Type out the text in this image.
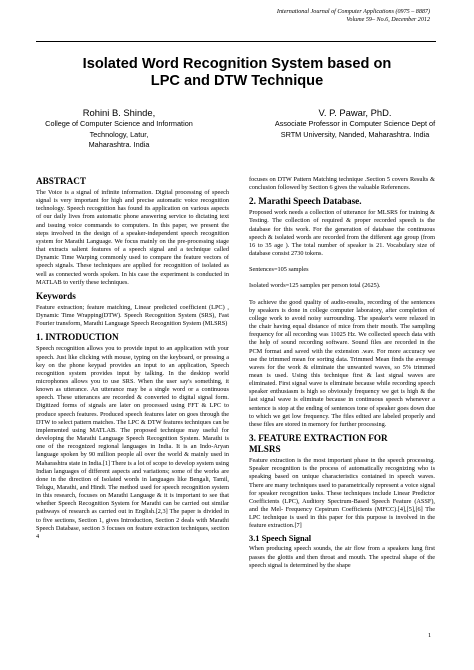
International Journal of Computer Applications (0975 – 8887)
Volume 59– No.6, December 2012
Isolated Word Recognition System based on
LPC and DTW Technique
Rohini B. Shinde,
College of Computer Science and Information
Technology, Latur,
Maharashtra. India
V. P. Pawar, PhD.
Associate Professor in Computer Science Dept of
SRTM University, Nanded, Maharashtra. India
ABSTRACT

The Voice is a signal of infinite information. Digital processing of speech signal is very important for high and precise automatic voice recognition technology. Speech recognition has found its application on various aspects of our daily lives from automatic phone answering service to dictating text and issuing voice commands to computers. In this paper, we present the steps involved in the design of a speaker-independent speech recognition system for Marathi Language. We focus mainly on the pre-processing stage that extracts salient features of a speech signal and a technique called Dynamic Time Warping commonly used to compare the feature vectors of speech signals. These techniques are applied for recognition of isolated as well as connected words spoken. In his case the experiment is conducted in MATLAB to verify these techniques.

Keywords

Feature extraction; feature matching, Linear predicted coefficient (LPC) , Dynamic Time Wrapping(DTW). Speech Recognition System (SRS), Fast Fourier transform, Marathi Language Speech Recognition System (MLSRS)

1. INTRODUCTION

Speech recognition allows you to provide input to an application with your speech. Just like clicking with mouse, typing on the keyboard, or pressing a key on the phone keypad provides an input to an application, Speech recognition system provides input by talking. In the desktop world microphones allows you to use SRS. When the user say's something, it known as utterance. An utterance may be a single word or a continuous speech. These utterances are recorded & converted to digital signal form. Digitized forms of signals are later on processed using FFT & LPC to produce speech features. Produced speech features later on goes through the DTW to select pattern matches. The LPC & DTW features techniques can be implemented using MATLAB. The proposed technique may useful for developing the Marathi Language Speech Recognition System. Marathi is one of the recognized regional languages in India. It is an Indo-Aryan language spoken by 90 million people all over the world & mainly used in Maharashtra state in India.[1] There is a lot of scope to develop system using Indian languages of different aspects and variations; some of the works are done in the direction of Isolated words in languages like Bengali, Tamil, Telugu, Marathi, and Hindi. The method used for speech recognition system in this research, focuses on Marathi Language & it is important to see that whether Speech Recognition System for Marathi can be carried out similar pathways of research as carried out in English.[2,3] The paper is divided in to five sections, Section 1, gives Introduction, Section 2 deals with Marathi Speech Database, section 3 focuses on feature extraction techniques, section 4

focuses on DTW Pattern Matching technique .Section 5 covers Results & conclusion followed by Section 6 gives the valuable References.

2. Marathi Speech Database.

Proposed work needs a collection of utterance for MLSRS for training & Testing. The collection of required & proper recorded speech is the database for this work. For the generation of database the continuous speech & isolated words are recorded from the different age group (from 16 to 35 age ). The total number of speaker is 21. Vocabulary size of database consist 2730 tokens.

Sentences=105 samples

Isolated words=125 samples per person total (2625).

To achieve the good quality of audio-results, recording of the sentences by speakers is done in college computer laboratory, after completion of college work to avoid noisy surrounding. The speaker's were relaxed in the chair having equal distance of mice from their mouth. The sampling frequency for all recording was 11025 Hz. We collected speech data with the help of sound recording software. Sound files are recorded in the PCM format and saved with the extension .wav. For more accuracy we use the trimmed mean for sorting data. Trimmed Mean finds the average waves for the work & eliminate the unwanted waves, so 5% trimmed mean is used. Using this technique first & last signal waves are eliminated. First signal wave is eliminate because while recording speech speaker enthusiasm is high so obviously frequency we get is high & the last signal wave is eliminate because in continuous speech whenever a sentence is stop at the ending of sentences tone of speaker goes down due to which we get low frequency. The files edited are labeled properly and these files are stored in memory for further processing.

3. FEATURE EXTRACTION FOR
MLSRS

Feature extraction is the most important phase in the speech processing. Speaker recognition is the process of automatically recognizing who is speaking based on unique characteristics contained in speech waves. There are many techniques used to parametrically represent a voice signal for speaker recognition tasks. These techniques include Linear Predictor Coefficients (LPC), Auditory Spectrum-Based Speech Feature (ASSF), and the Mel- Frequency Cepstrum Coefficients (MFCC).[4],[5],[6] The LPC technique is used in this paper for this purpose is involved in the feature extraction.[7]

3.1 Speech Signal

When producing speech sounds, the air flow from a speakers lung first passes the glottis and then throat and mouth. The spectral shape of the speech signal is determined by the shape

1
